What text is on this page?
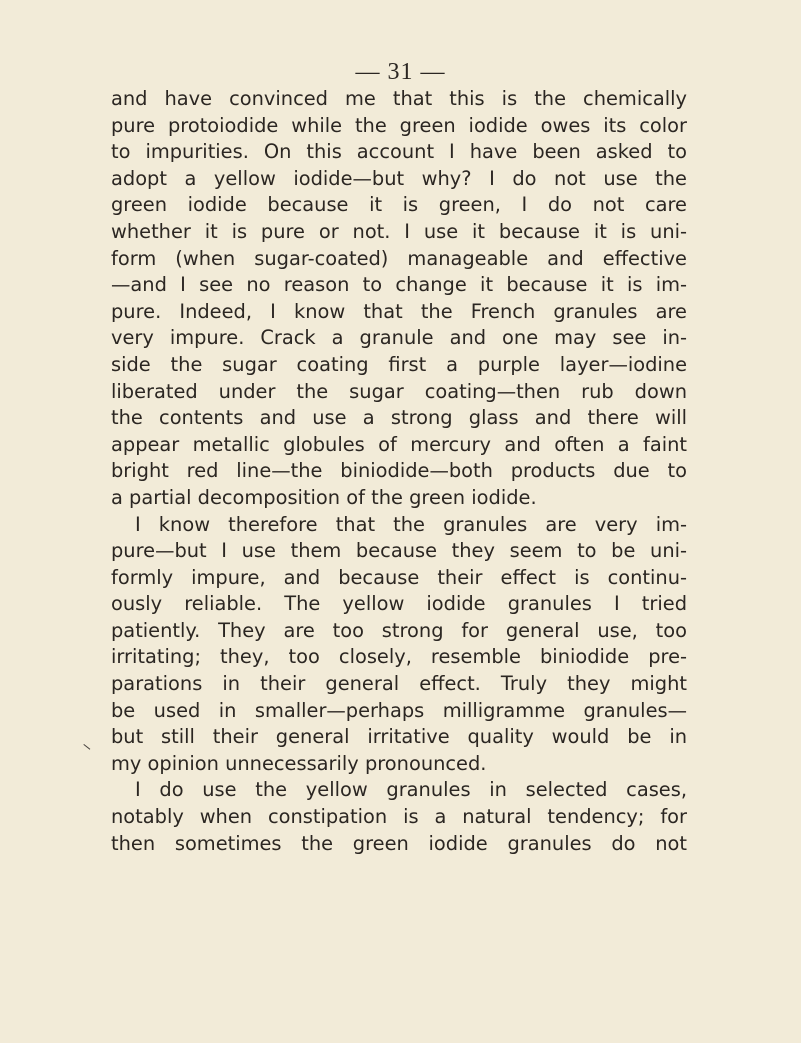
— 31 —
and have convinced me that this is the chemically
pure protoiodide while the green iodide owes its color
to impurities. On this account I have been asked to
adopt a yellow iodide—but why? I do not use the
green iodide because it is green, I do not care
whether it is pure or not. I use it because it is uni-
form (when sugar-coated) manageable and effective
—and I see no reason to change it because it is im-
pure. Indeed, I know that the French granules are
very impure. Crack a granule and one may see in-
side the sugar coating first a purple layer—iodine
liberated under the sugar coating—then rub down
the contents and use a strong glass and there will
appear metallic globules of mercury and often a faint
bright red line—the biniodide—both products due to
a partial decomposition of the green iodide.
I know therefore that the granules are very im-
pure—but I use them because they seem to be uni-
formly impure, and because their effect is continu-
ously reliable. The yellow iodide granules I tried
patiently. They are too strong for general use, too
irritating; they, too closely, resemble biniodide pre-
parations in their general effect. Truly they might
be used in smaller—perhaps milligramme granules—
but still their general irritative quality would be in
my opinion unnecessarily pronounced.
I do use the yellow granules in selected cases,
notably when constipation is a natural tendency; for
then sometimes the green iodide granules do not
